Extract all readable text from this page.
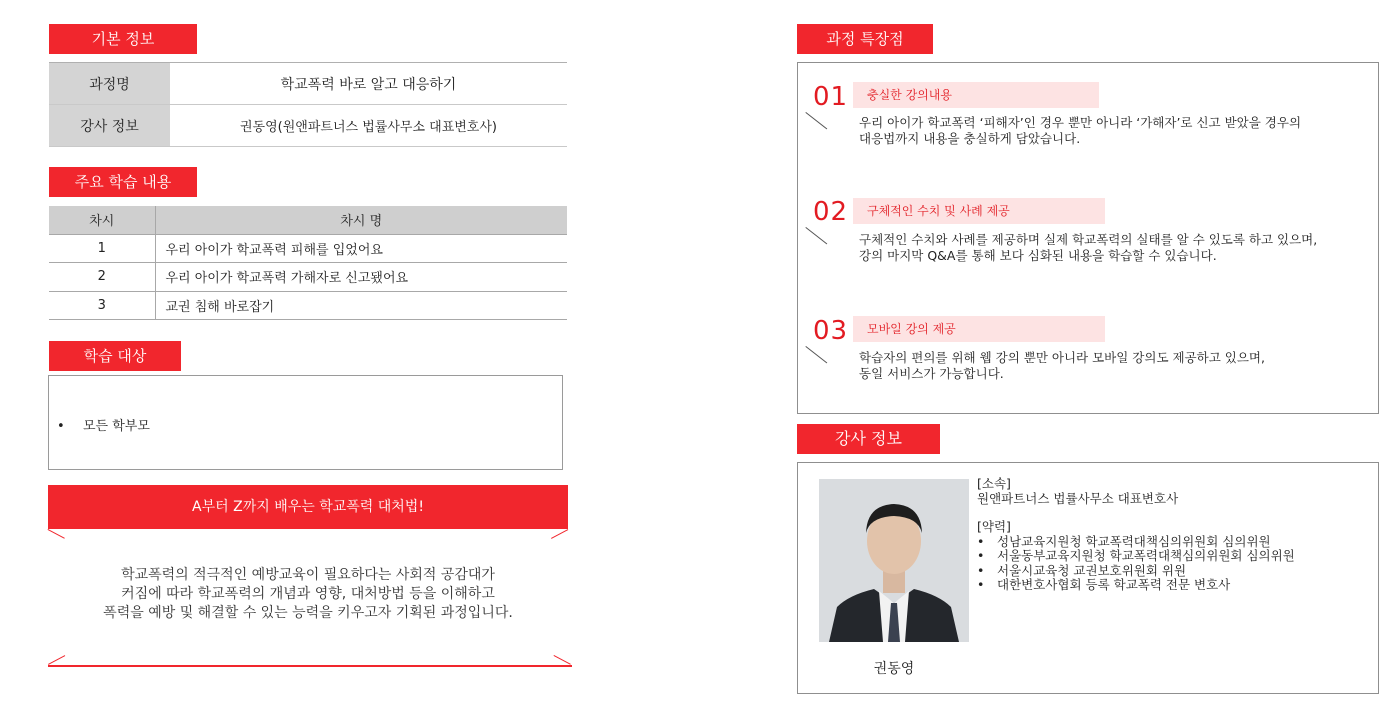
기본 정보
과정명	학교폭력 바로 알고 대응하기
강사 정보	권동영(원앤파트너스 법률사무소 대표변호사)
주요 학습 내용
차시	차시 명
1	우리 아이가 학교폭력 피해를 입었어요
2	우리 아이가 학교폭력 가해자로 신고됐어요
3	교권 침해 바로잡기
학습 대상
• 모든 학부모
A부터 Z까지 배우는 학교폭력 대처법!
학교폭력의 적극적인 예방교육이 필요하다는 사회적 공감대가
커짐에 따라 학교폭력의 개념과 영향, 대처방법 등을 이해하고
폭력을 예방 및 해결할 수 있는 능력을 키우고자 기획된 과정입니다.
과정 특장점
01	충실한 강의내용
우리 아이가 학교폭력 ‘피해자’인 경우 뿐만 아니라 ‘가해자’로 신고 받았을 경우의
대응법까지 내용을 충실하게 담았습니다.
02	구체적인 수치 및 사례 제공
구체적인 수치와 사례를 제공하며 실제 학교폭력의 실태를 알 수 있도록 하고 있으며,
강의 마지막 Q&A를 통해 보다 심화된 내용을 학습할 수 있습니다.
03	모바일 강의 제공
학습자의 편의를 위해 웹 강의 뿐만 아니라 모바일 강의도 제공하고 있으며,
동일 서비스가 가능합니다.
강사 정보
권동영
[소속]
원앤파트너스 법률사무소 대표변호사
[약력]
• 성남교육지원청 학교폭력대책심의위원회 심의위원
• 서울동부교육지원청 학교폭력대책심의위원회 심의위원
• 서울시교육청 교권보호위원회 위원
• 대한변호사협회 등록 학교폭력 전문 변호사
